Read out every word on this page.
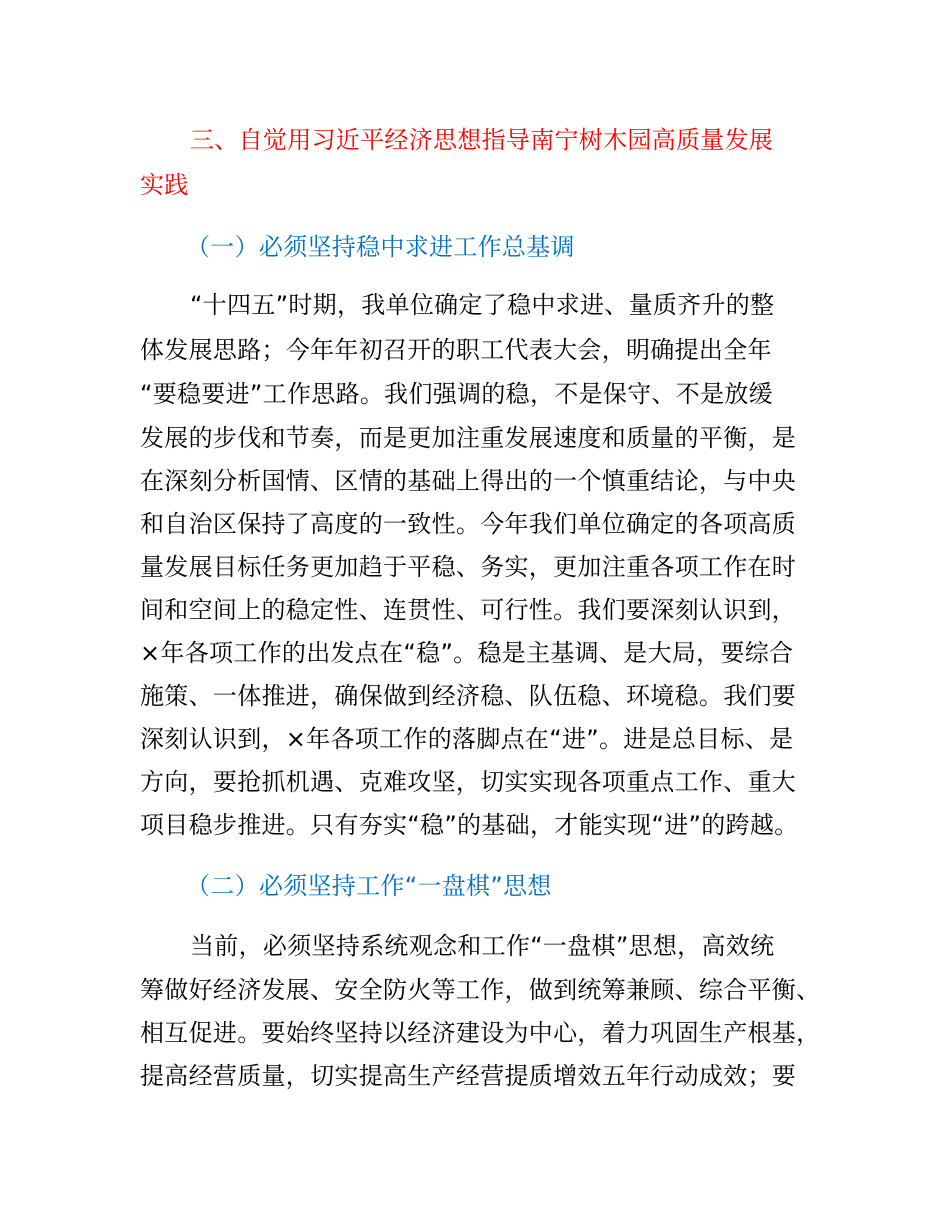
三、自觉用习近平经济思想指导南宁树木园高质量发展
实践
（一）必须坚持稳中求进工作总基调
“十四五”时期，我单位确定了稳中求进、量质齐升的整
体发展思路；今年年初召开的职工代表大会，明确提出全年
“要稳要进”工作思路。我们强调的稳，不是保守、不是放缓
发展的步伐和节奏，而是更加注重发展速度和质量的平衡，是
在深刻分析国情、区情的基础上得出的一个慎重结论，与中央
和自治区保持了高度的一致性。今年我们单位确定的各项高质
量发展目标任务更加趋于平稳、务实，更加注重各项工作在时
间和空间上的稳定性、连贯性、可行性。我们要深刻认识到，
×年各项工作的出发点在“稳”。稳是主基调、是大局，要综合
施策、一体推进，确保做到经济稳、队伍稳、环境稳。我们要
深刻认识到，×年各项工作的落脚点在“进”。进是总目标、是
方向，要抢抓机遇、克难攻坚，切实实现各项重点工作、重大
项目稳步推进。只有夯实“稳”的基础，才能实现“进”的跨越。
（二）必须坚持工作“一盘棋”思想
当前，必须坚持系统观念和工作“一盘棋”思想，高效统
筹做好经济发展、安全防火等工作，做到统筹兼顾、综合平衡、
相互促进。要始终坚持以经济建设为中心，着力巩固生产根基，
提高经营质量，切实提高生产经营提质增效五年行动成效；要
